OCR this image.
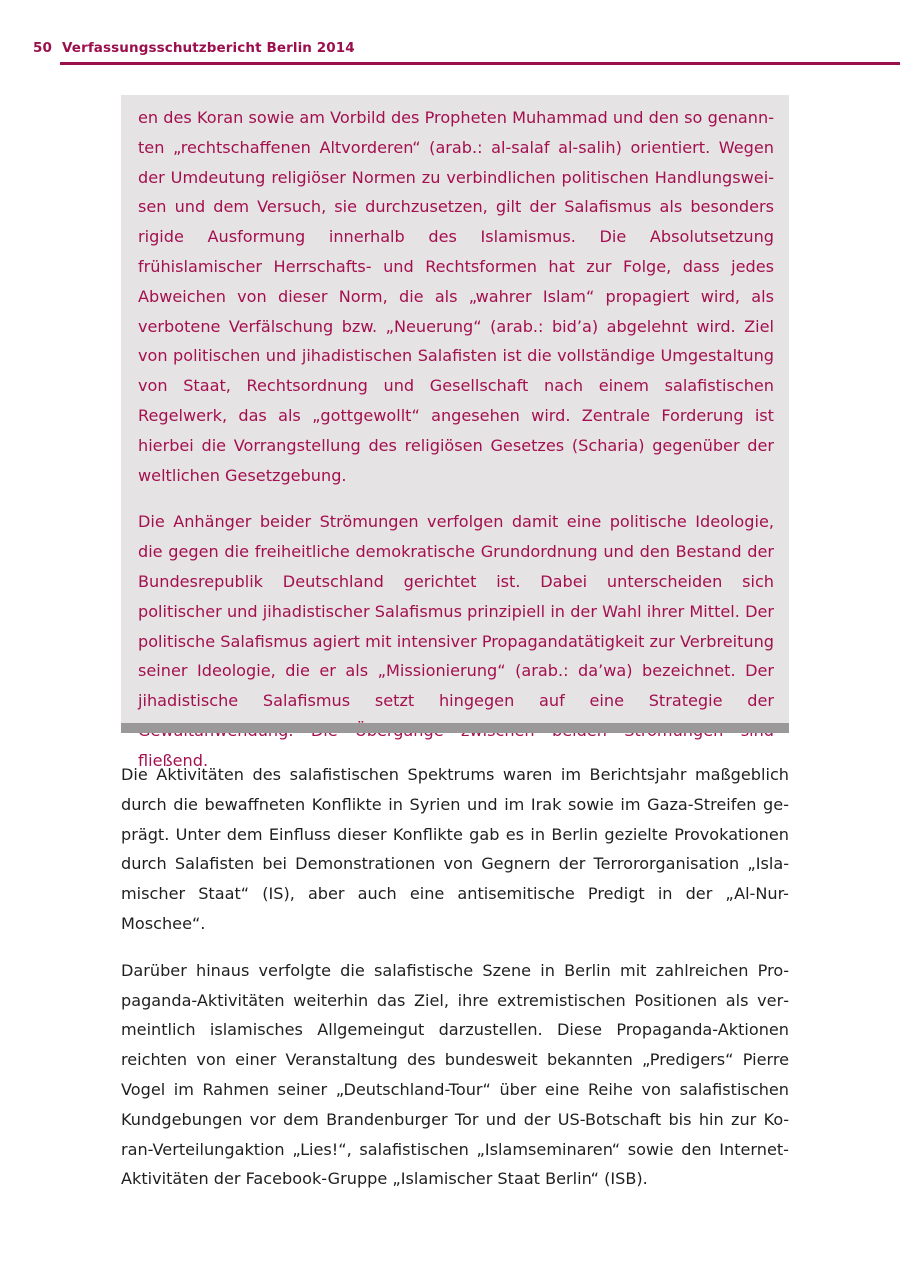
50 Verfassungsschutzbericht Berlin 2014

en des Koran sowie am Vorbild des Propheten Muhammad und den so genannten „rechtschaffenen Altvorderen“ (arab.: al-salaf al-salih) orientiert. Wegen der Umdeutung religiöser Normen zu verbindlichen politischen Handlungsweisen und dem Versuch, sie durchzusetzen, gilt der Salafismus als besonders rigide Ausformung innerhalb des Islamismus. Die Absolutsetzung frühislamischer Herrschafts- und Rechtsformen hat zur Folge, dass jedes Abweichen von dieser Norm, die als „wahrer Islam“ propagiert wird, als verbotene Verfälschung bzw. „Neuerung“ (arab.: bid’a) abgelehnt wird. Ziel von politischen und jihadistischen Salafisten ist die vollständige Umgestaltung von Staat, Rechtsordnung und Gesellschaft nach einem salafistischen Regelwerk, das als „gottgewollt“ angesehen wird. Zentrale Forderung ist hierbei die Vorrangstellung des religiösen Gesetzes (Scharia) gegenüber der weltlichen Gesetzgebung.

Die Anhänger beider Strömungen verfolgen damit eine politische Ideologie, die gegen die freiheitliche demokratische Grundordnung und den Bestand der Bundesrepublik Deutschland gerichtet ist. Dabei unterscheiden sich politischer und jihadistischer Salafismus prinzipiell in der Wahl ihrer Mittel. Der politische Salafismus agiert mit intensiver Propagandatätigkeit zur Verbreitung seiner Ideologie, die er als „Missionierung“ (arab.: da’wa) bezeichnet. Der jihadistische Salafismus setzt hingegen auf eine Strategie der fließend.

Die Aktivitäten des salafistischen Spektrums waren im Berichtsjahr maßgeblich durch die bewaffneten Konflikte in Syrien und im Irak sowie im Gaza-Streifen geprägt. Unter dem Einfluss dieser Konflikte gab es in Berlin gezielte Provokationen durch Salafisten bei Demonstrationen von Gegnern der Terrororganisation „Islamischer Staat“ (IS), aber auch eine antisemitische Predigt in der „Al-Nur-Moschee“.

Darüber hinaus verfolgte die salafistische Szene in Berlin mit zahlreichen Propaganda-Aktivitäten weiterhin das Ziel, ihre extremistischen Positionen als vermeintlich islamisches Allgemeingut darzustellen. Diese Propaganda-Aktionen reichten von einer Veranstaltung des bundesweit bekannten „Predigers“ Pierre Vogel im Rahmen seiner „Deutschland-Tour“ über eine Reihe von salafistischen Kundgebungen vor dem Brandenburger Tor und der US-Botschaft bis hin zur Koran-Verteilungaktion „Lies!“, salafistischen „Islamseminaren“ sowie den Internet-Aktivitäten der Facebook-Gruppe „Islamischer Staat Berlin“ (ISB).
